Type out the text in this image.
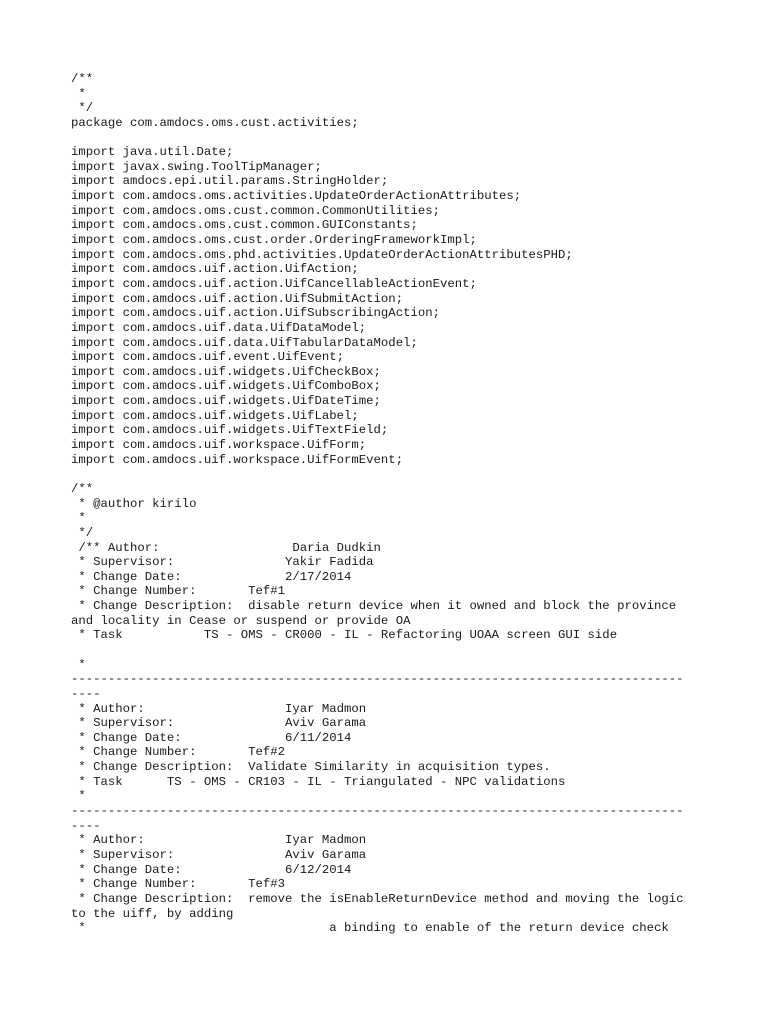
/**
*
*/
package com.amdocs.oms.cust.activities;
import java.util.Date;
import javax.swing.ToolTipManager;
import amdocs.epi.util.params.StringHolder;
import com.amdocs.oms.activities.UpdateOrderActionAttributes;
import com.amdocs.oms.cust.common.CommonUtilities;
import com.amdocs.oms.cust.common.GUIConstants;
import com.amdocs.oms.cust.order.OrderingFrameworkImpl;
import com.amdocs.oms.phd.activities.UpdateOrderActionAttributesPHD;
import com.amdocs.uif.action.UifAction;
import com.amdocs.uif.action.UifCancellableActionEvent;
import com.amdocs.uif.action.UifSubmitAction;
import com.amdocs.uif.action.UifSubscribingAction;
import com.amdocs.uif.data.UifDataModel;
import com.amdocs.uif.data.UifTabularDataModel;
import com.amdocs.uif.event.UifEvent;
import com.amdocs.uif.widgets.UifCheckBox;
import com.amdocs.uif.widgets.UifComboBox;
import com.amdocs.uif.widgets.UifDateTime;
import com.amdocs.uif.widgets.UifLabel;
import com.amdocs.uif.widgets.UifTextField;
import com.amdocs.uif.workspace.UifForm;
import com.amdocs.uif.workspace.UifFormEvent;
/**
* @author kirilo
*
*/
/** Author:                  Daria Dudkin
* Supervisor:               Yakir Fadida
* Change Date:              2/17/2014
* Change Number:       Tef#1
* Change Description:  disable return device when it owned and block the province
and locality in Cease or suspend or provide OA
* Task           TS - OMS - CR000 - IL - Refactoring UOAA screen GUI side
*
-----------------------------------------------------------------------------------
----
* Author:                   Iyar Madmon
* Supervisor:               Aviv Garama
* Change Date:              6/11/2014
* Change Number:       Tef#2
* Change Description:  Validate Similarity in acquisition types.
* Task      TS - OMS - CR103 - IL - Triangulated - NPC validations
*
-----------------------------------------------------------------------------------
----
* Author:                   Iyar Madmon
* Supervisor:               Aviv Garama
* Change Date:              6/12/2014
* Change Number:       Tef#3
* Change Description:  remove the isEnableReturnDevice method and moving the logic
to the uiff, by adding
*                                 a binding to enable of the return device check
